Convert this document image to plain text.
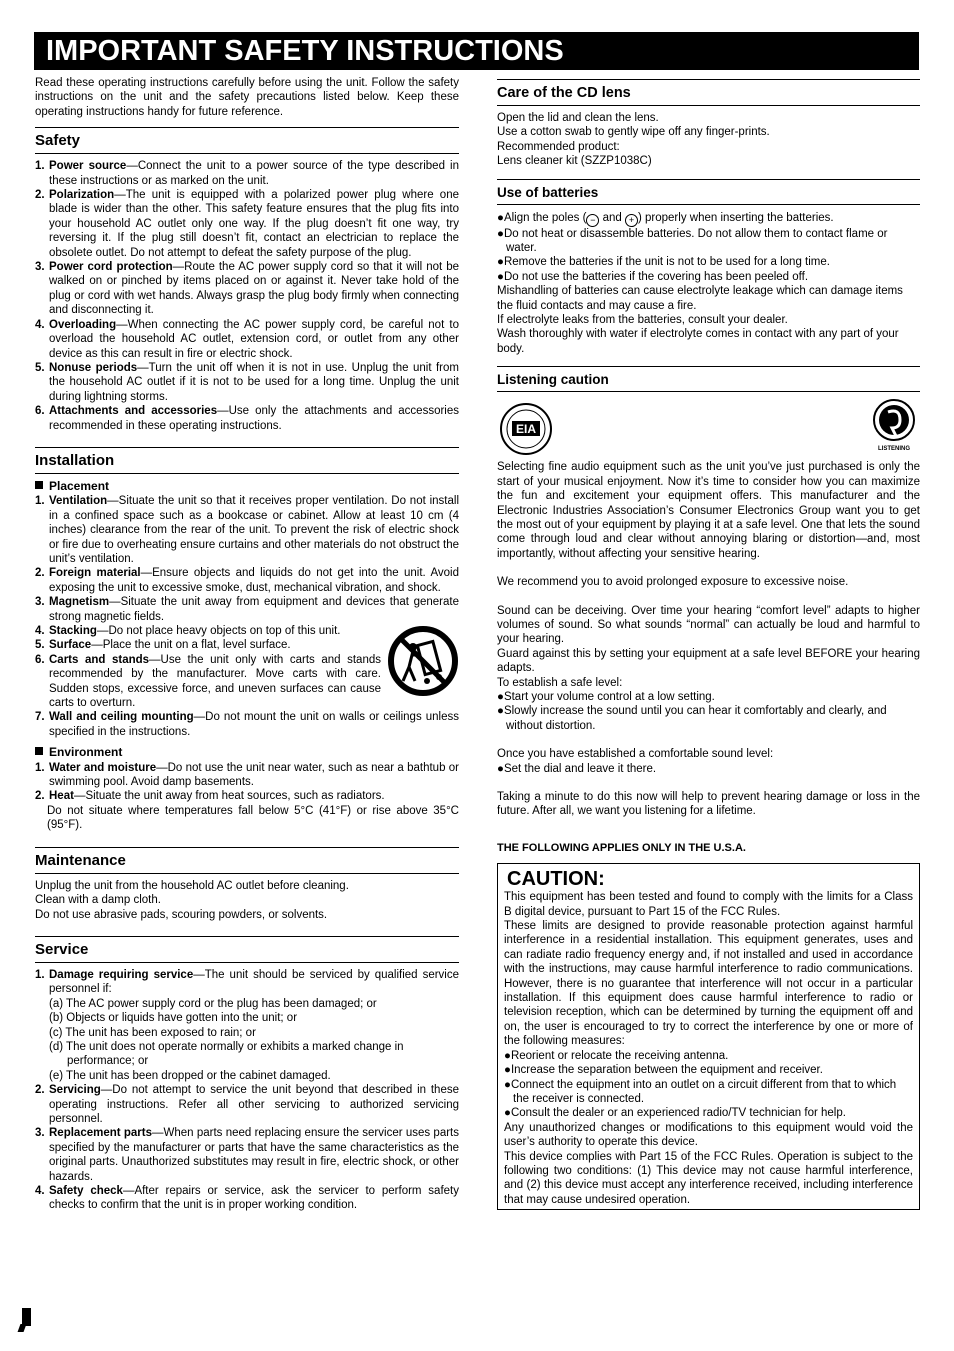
IMPORTANT SAFETY INSTRUCTIONS

Read these operating instructions carefully before using the unit. Follow the safety instructions on the unit and the safety precautions listed below. Keep these operating instructions handy for future reference.

Safety
1. Power source—Connect the unit to a power source of the type described in these instructions or as marked on the unit.
2. Polarization—The unit is equipped with a polarized power plug where one blade is wider than the other. This safety feature ensures that the plug fits into your household AC outlet only one way. If the plug doesn’t fit one way, try reversing it. If the plug still doesn’t fit, contact an electrician to replace the obsolete outlet. Do not attempt to defeat the safety purpose of the plug.
3. Power cord protection—Route the AC power supply cord so that it will not be walked on or pinched by items placed on or against it. Never take hold of the plug or cord with wet hands. Always grasp the plug body firmly when connecting and disconnecting it.
4. Overloading—When connecting the AC power supply cord, be careful not to overload the household AC outlet, extension cord, or outlet from any other device as this can result in fire or electric shock.
5. Nonuse periods—Turn the unit off when it is not in use. Unplug the unit from the household AC outlet if it is not to be used for a long time. Unplug the unit during lightning storms.
6. Attachments and accessories—Use only the attachments and accessories recommended in these operating instructions.
Installation
Placement
1. Ventilation—Situate the unit so that it receives proper ventilation. Do not install in a confined space such as a bookcase or cabinet. Allow at least 10 cm (4 inches) clearance from the rear of the unit. To prevent the risk of electric shock or fire due to overheating ensure curtains and other materials do not obstruct the unit’s ventilation.
2. Foreign material—Ensure objects and liquids do not get into the unit. Avoid exposing the unit to excessive smoke, dust, mechanical vibration, and shock.
3. Magnetism—Situate the unit away from equipment and devices that generate strong magnetic fields.
4. Stacking—Do not place heavy objects on top of this unit.
5. Surface—Place the unit on a flat, level surface.
6. Carts and stands—Use the unit only with carts and stands recommended by the manufacturer. Move carts with care. Sudden stops, excessive force, and uneven surfaces can cause carts to overturn.
7. Wall and ceiling mounting—Do not mount the unit on walls or ceilings unless specified in the instructions.
Environment
1. Water and moisture—Do not use the unit near water, such as near a bathtub or swimming pool. Avoid damp basements.
2. Heat—Situate the unit away from heat sources, such as radiators.

Do not situate where temperatures fall below 5°C (41°F) or rise above 35°C (95°F).

Maintenance

Unplug the unit from the household AC outlet before cleaning.

Clean with a damp cloth.

Do not use abrasive pads, scouring powders, or solvents.

Service
1. Damage requiring service—The unit should be serviced by qualified service personnel if:
(a) The AC power supply cord or the plug has been damaged; or
(b) Objects or liquids have gotten into the unit; or
(c) The unit has been exposed to rain; or
(d) The unit does not operate normally or exhibits a marked change in performance; or
(e) The unit has been dropped or the cabinet damaged.
2. Servicing—Do not attempt to service the unit beyond that described in these operating instructions. Refer all other servicing to authorized servicing personnel.
3. Replacement parts—When parts need replacing ensure the servicer uses parts specified by the manufacturer or parts that have the same characteristics as the original parts. Unauthorized substitutes may result in fire, electric shock, or other hazards.
4. Safety check—After repairs or service, ask the servicer to perform safety checks to confirm that the unit is in proper working condition.
Care of the CD lens

Open the lid and clean the lens.

Use a cotton swab to gently wipe off any finger-prints.

Recommended product:

Lens cleaner kit (SZZP1038C)

Use of batteries
●Align the poles ( − and + ) properly when inserting the batteries.
●Do not heat or disassemble batteries. Do not allow them to contact flame or water.
●Remove the batteries if the unit is not to be used for a long time.
●Do not use the batteries if the covering has been peeled off.

Mishandling of batteries can cause electrolyte leakage which can damage items the fluid contacts and may cause a fire.

If electrolyte leaks from the batteries, consult your dealer.

Wash thoroughly with water if electrolyte comes in contact with any part of your body.

Listening caution
EIA
LISTENING

Selecting fine audio equipment such as the unit you’ve just purchased is only the start of your musical enjoyment. Now it’s time to consider how you can maximize the fun and excitement your equipment offers. This manufacturer and the Electronic Industries Association’s Consumer Electronics Group want you to get the most out of your equipment by playing it at a safe level. One that lets the sound come through loud and clear without annoying blaring or distortion—and, most importantly, without affecting your sensitive hearing.

We recommend you to avoid prolonged exposure to excessive noise.

Sound can be deceiving. Over time your hearing “comfort level” adapts to higher volumes of sound. So what sounds “normal” can actually be loud and harmful to your hearing.

Guard against this by setting your equipment at a safe level BEFORE your hearing adapts.

To establish a safe level:

●Start your volume control at a low setting.
●Slowly increase the sound until you can hear it comfortably and clearly, and without distortion.

Once you have established a comfortable sound level:

●Set the dial and leave it there.

Taking a minute to do this now will help to prevent hearing damage or loss in the future. After all, we want you listening for a lifetime.

THE FOLLOWING APPLIES ONLY IN THE U.S.A.

CAUTION:

This equipment has been tested and found to comply with the limits for a Class B digital device, pursuant to Part 15 of the FCC Rules.

These limits are designed to provide reasonable protection against harmful interference in a residential installation. This equipment generates, uses and can radiate radio frequency energy and, if not installed and used in accordance with the instructions, may cause harmful interference to radio communications. However, there is no guarantee that interference will not occur in a particular installation. If this equipment does cause harmful interference to radio or television reception, which can be determined by turning the equipment off and on, the user is encouraged to try to correct the interference by one or more of the following measures:

●Reorient or relocate the receiving antenna.
●Increase the separation between the equipment and receiver.
●Connect the equipment into an outlet on a circuit different from that to which the receiver is connected.
●Consult the dealer or an experienced radio/TV technician for help.

Any unauthorized changes or modifications to this equipment would void the user’s authority to operate this device.

This device complies with Part 15 of the FCC Rules. Operation is subject to the following two conditions: (1) This device may not cause harmful interference, and (2) this device must accept any interference received, including interference that may cause undesired operation.
